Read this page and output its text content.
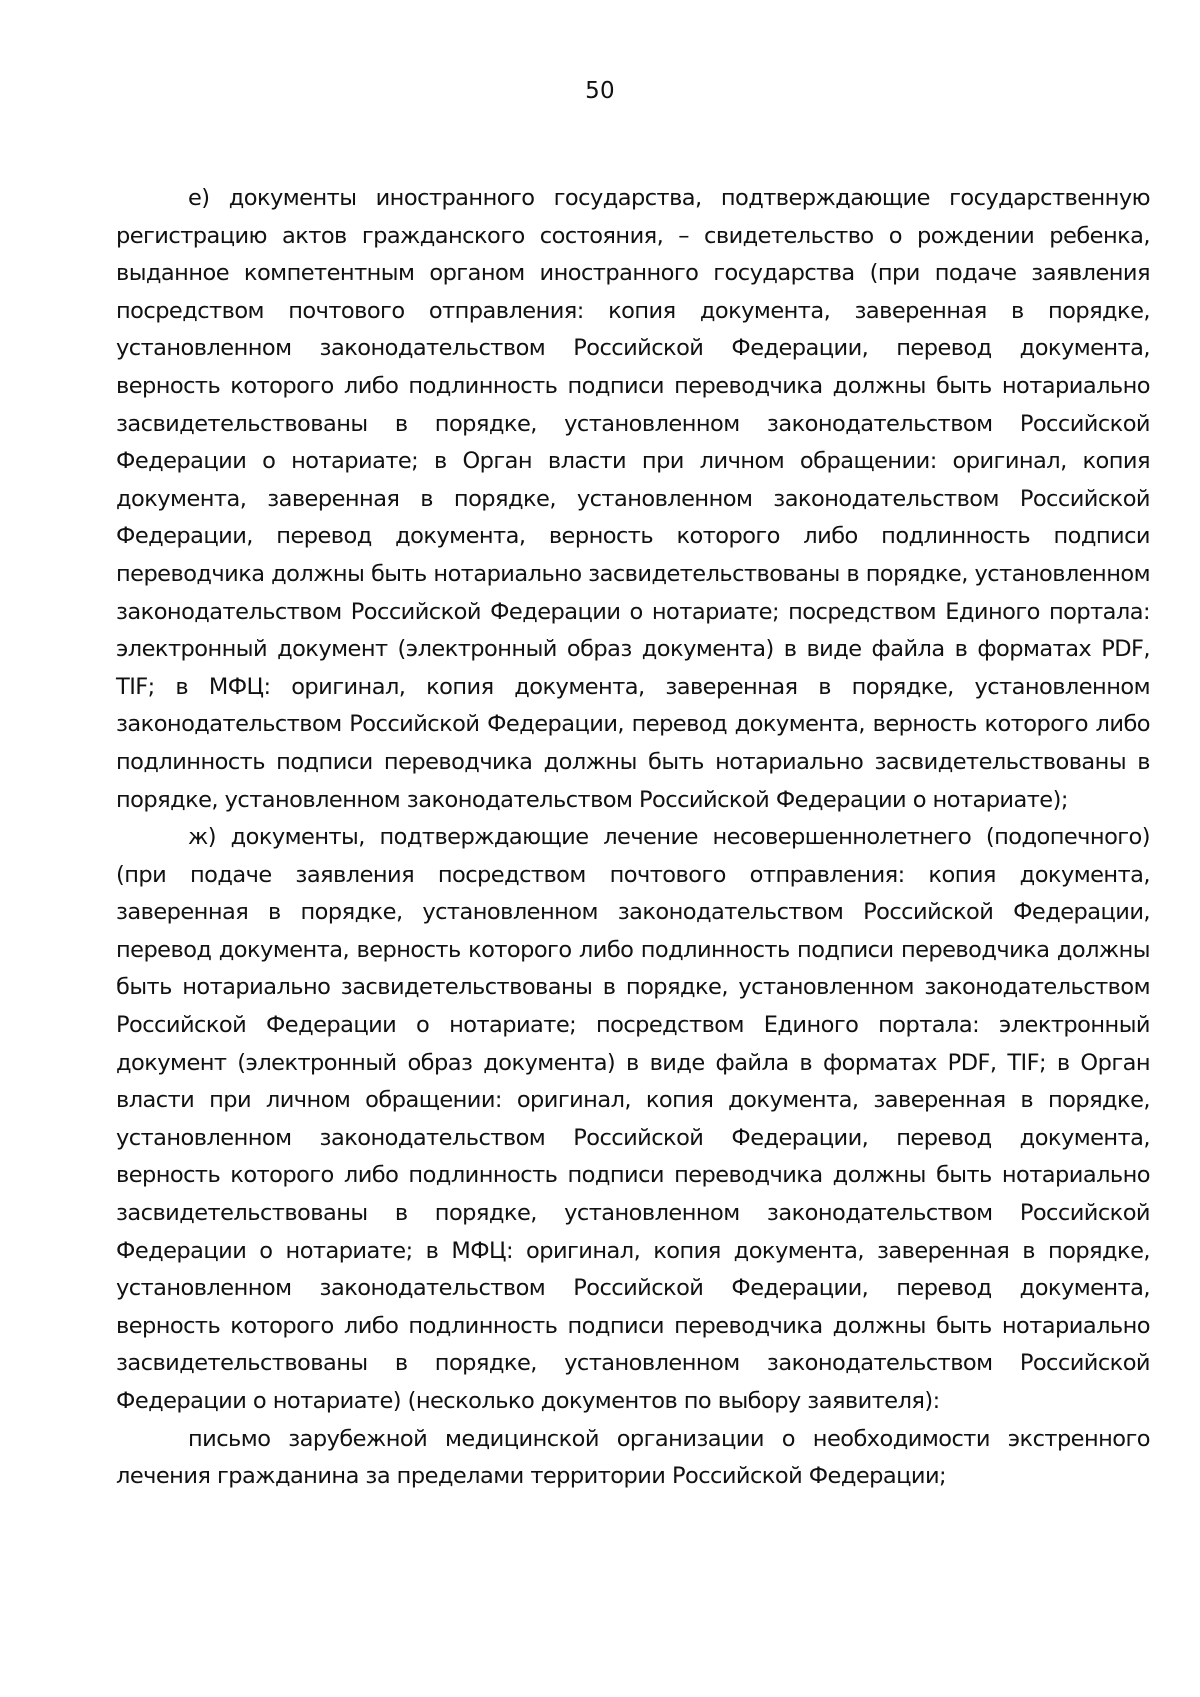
50

е) документы иностранного государства, подтверждающие государственную регистрацию актов гражданского состояния, – свидетельство о рождении ребенка, выданное компетентным органом иностранного государства (при подаче заявления посредством почтового отправления: копия документа, заверенная в порядке, установленном законодательством Российской Федерации, перевод документа, верность которого либо подлинность подписи переводчика должны быть нотариально засвидетельствованы в порядке, установленном законодательством Российской Федерации о нотариате; в Орган власти при личном обращении: оригинал, копия документа, заверенная в порядке, установленном законодательством Российской Федерации, перевод документа, верность которого либо подлинность подписи переводчика должны быть нотариально засвидетельствованы в порядке, установленном законодательством Российской Федерации о нотариате; посредством Единого портала: электронный документ (электронный образ документа) в виде файла в форматах PDF, TIF; в МФЦ: оригинал, копия документа, заверенная в порядке, установленном законодательством Российской Федерации, перевод документа, верность которого либо подлинность подписи переводчика должны быть нотариально засвидетельствованы в порядке, установленном законодательством Российской Федерации о нотариате);

ж) документы, подтверждающие лечение несовершеннолетнего (подопечного) (при подаче заявления посредством почтового отправления: копия документа, заверенная в порядке, установленном законодательством Российской Федерации, перевод документа, верность которого либо подлинность подписи переводчика должны быть нотариально засвидетельствованы в порядке, установленном законодательством Российской Федерации о нотариате; посредством Единого портала: электронный документ (электронный образ документа) в виде файла в форматах PDF, TIF; в Орган власти при личном обращении: оригинал, копия документа, заверенная в порядке, установленном законодательством Российской Федерации, перевод документа, верность которого либо подлинность подписи переводчика должны быть нотариально засвидетельствованы в порядке, установленном законодательством Российской Федерации о нотариате; в МФЦ: оригинал, копия документа, заверенная в порядке, установленном законодательством Российской Федерации, перевод документа, верность которого либо подлинность подписи переводчика должны быть нотариально засвидетельствованы в порядке, установленном законодательством Российской Федерации о нотариате) (несколько документов по выбору заявителя):

письмо зарубежной медицинской организации о необходимости экстренного лечения гражданина за пределами территории Российской Федерации;
